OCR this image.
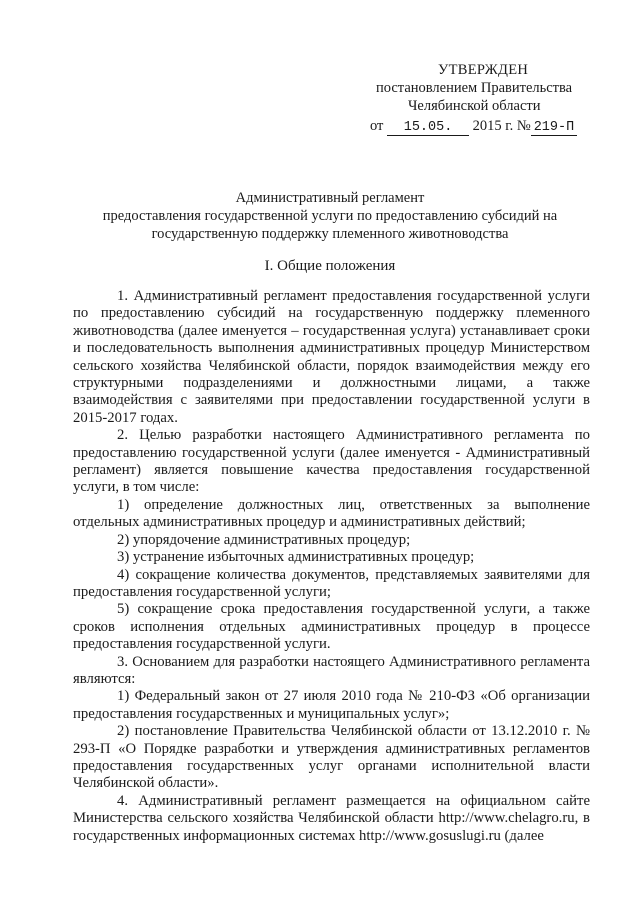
УТВЕРЖДЕН
постановлением Правительства
Челябинской области
от 15.05. 2015 г. № 219-П
Административный регламент
предоставления государственной услуги по предоставлению субсидий на
государственную поддержку племенного животноводства
I. Общие положения

1. Административный регламент предоставления государственной услуги по предоставлению субсидий на государственную поддержку племенного животноводства (далее именуется – государственная услуга) устанавливает сроки и последовательность выполнения административных процедур Министерством сельского хозяйства Челябинской области, порядок взаимодействия между его структурными подразделениями и должностными лицами, а также взаимодействия с заявителями при предоставлении государственной услуги в 2015-2017 годах.

2. Целью разработки настоящего Административного регламента по предоставлению государственной услуги (далее именуется - Административный регламент) является повышение качества предоставления государственной услуги, в том числе:

1) определение должностных лиц, ответственных за выполнение отдельных административных процедур и административных действий;

2) упорядочение административных процедур;

3) устранение избыточных административных процедур;

4) сокращение количества документов, представляемых заявителями для предоставления государственной услуги;

5) сокращение срока предоставления государственной услуги, а также сроков исполнения отдельных административных процедур в процессе предоставления государственной услуги.

3. Основанием для разработки настоящего Административного регламента являются:

1) Федеральный закон от 27 июля 2010 года № 210-ФЗ «Об организации предоставления государственных и муниципальных услуг»;

2) постановление Правительства Челябинской области от 13.12.2010 г. № 293-П «О Порядке разработки и утверждения административных регламентов предоставления государственных услуг органами исполнительной власти Челябинской области».

4. Административный регламент размещается на официальном сайте Министерства сельского хозяйства Челябинской области http://www.chelagro.ru, в государственных информационных системах http://www.gosuslugi.ru (далее
